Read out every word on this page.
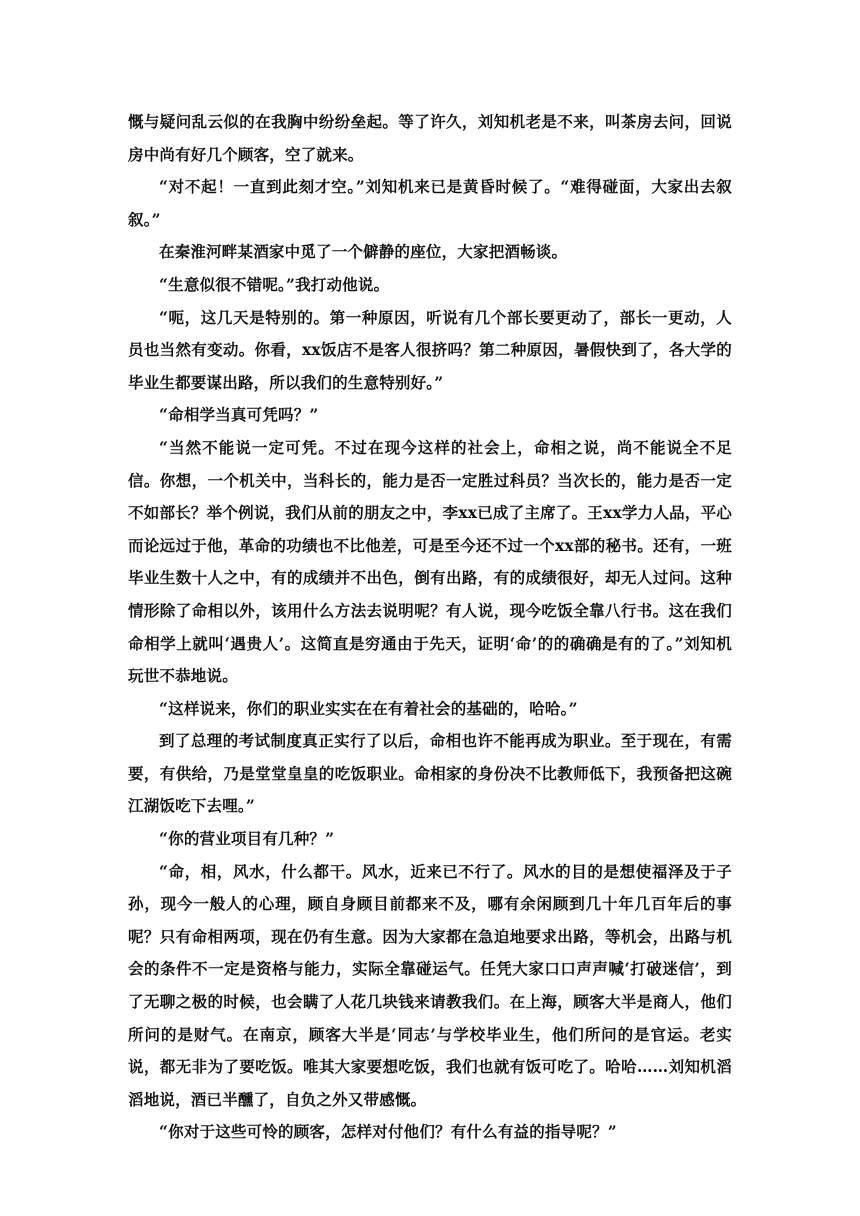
慨与疑问乱云似的在我胸中纷纷垒起。等了许久，刘知机老是不来，叫茶房去问，回说房中尚有好几个顾客，空了就来。

“对不起！一直到此刻才空。”刘知机来已是黄昏时候了。“难得碰面，大家出去叙叙。”

在秦淮河畔某酒家中觅了一个僻静的座位，大家把酒畅谈。

“生意似很不错呢。”我打动他说。

“呃，这几天是特别的。第一种原因，听说有几个部长要更动了，部长一更动，人员也当然有变动。你看，xx饭店不是客人很挤吗？第二种原因，暑假快到了，各大学的毕业生都要谋出路，所以我们的生意特别好。”

“命相学当真可凭吗？”

“当然不能说一定可凭。不过在现今这样的社会上，命相之说，尚不能说全不足信。你想，一个机关中，当科长的，能力是否一定胜过科员？当次长的，能力是否一定不如部长？举个例说，我们从前的朋友之中，李xx已成了主席了。王xx学力人品，平心而论远过于他，革命的功绩也不比他差，可是至今还不过一个xx部的秘书。还有，一班毕业生数十人之中，有的成绩并不出色，倒有出路，有的成绩很好，却无人过问。这种情形除了命相以外，该用什么方法去说明呢？有人说，现今吃饭全靠八行书。这在我们命相学上就叫‘遇贵人’。这简直是穷通由于先天，证明‘命’的的确确是有的了。”刘知机玩世不恭地说。

“这样说来，你们的职业实实在在有着社会的基础的，哈哈。”

到了总理的考试制度真正实行了以后，命相也许不能再成为职业。至于现在，有需要，有供给，乃是堂堂皇皇的吃饭职业。命相家的身份决不比教师低下，我预备把这碗江湖饭吃下去哩。”

“你的营业项目有几种？”

“命，相，风水，什么都干。风水，近来已不行了。风水的目的是想使福泽及于子孙，现今一般人的心理，顾自身顾目前都来不及，哪有余闲顾到几十年几百年后的事呢？只有命相两项，现在仍有生意。因为大家都在急迫地要求出路，等机会，出路与机会的条件不一定是资格与能力，实际全靠碰运气。任凭大家口口声声喊‘打破迷信’，到了无聊之极的时候，也会瞒了人花几块钱来请教我们。在上海，顾客大半是商人，他们所问的是财气。在南京，顾客大半是‘同志’与学校毕业生，他们所问的是官运。老实说，都无非为了要吃饭。唯其大家要想吃饭，我们也就有饭可吃了。哈哈……刘知机滔滔地说，酒已半醺了，自负之外又带感慨。

“你对于这些可怜的顾客，怎样对付他们？有什么有益的指导呢？”
